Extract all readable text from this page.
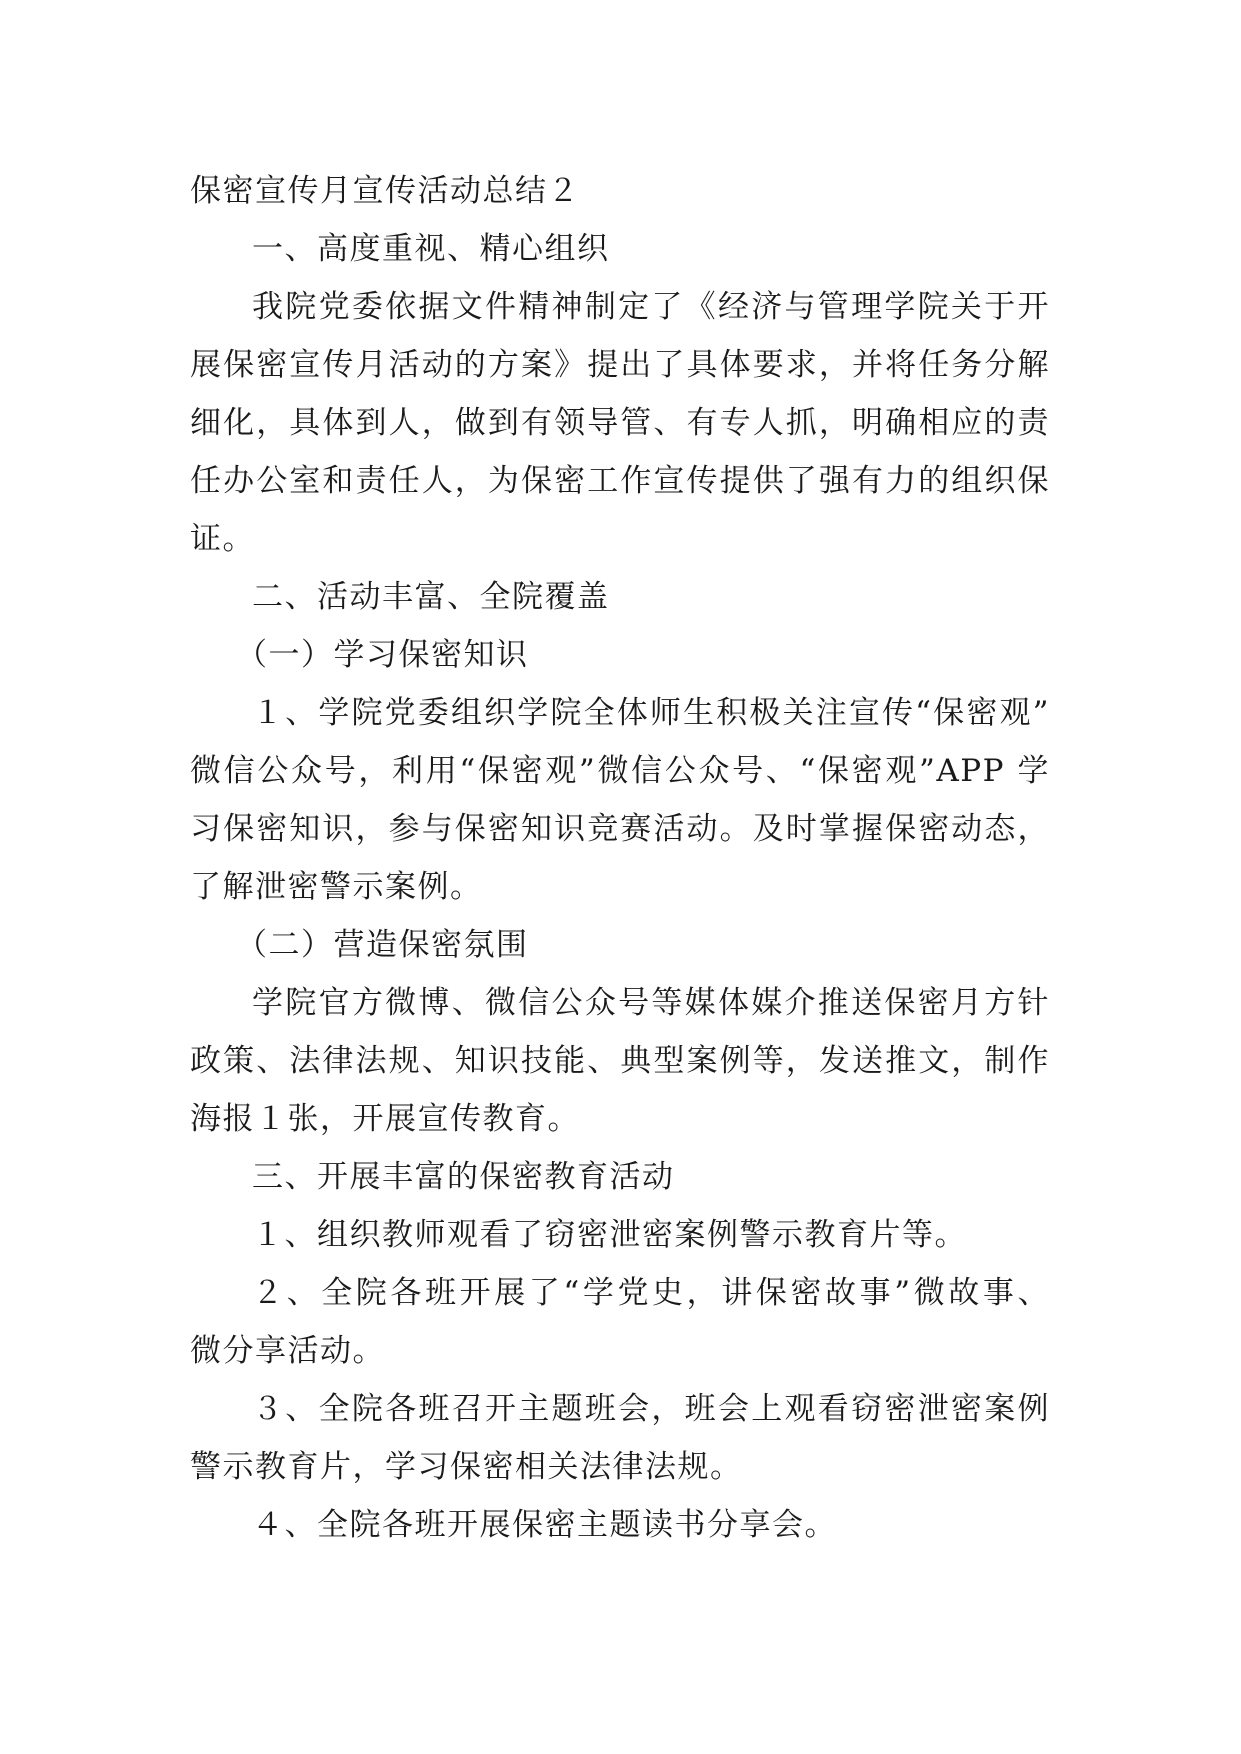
保密宣传月宣传活动总结２

一、高度重视、精心组织

我院党委依据文件精神制定了《经济与管理学院关于开

展保密宣传月活动的方案》提出了具体要求，并将任务分解

细化，具体到人，做到有领导管、有专人抓，明确相应的责

任办公室和责任人，为保密工作宣传提供了强有力的组织保

证。

二、活动丰富、全院覆盖

（一）学习保密知识

１、学院党委组织学院全体师生积极关注宣传“保密观”

微信公众号，利用“保密观”微信公众号、“保密观”APP 学

习保密知识，参与保密知识竞赛活动。及时掌握保密动态，

了解泄密警示案例。

（二）营造保密氛围

学院官方微博、微信公众号等媒体媒介推送保密月方针

政策、法律法规、知识技能、典型案例等，发送推文，制作

海报１张，开展宣传教育。

三、开展丰富的保密教育活动

１、组织教师观看了窃密泄密案例警示教育片等。

２、全院各班开展了“学党史，讲保密故事”微故事、

微分享活动。

３、全院各班召开主题班会，班会上观看窃密泄密案例

警示教育片，学习保密相关法律法规。

４、全院各班开展保密主题读书分享会。
